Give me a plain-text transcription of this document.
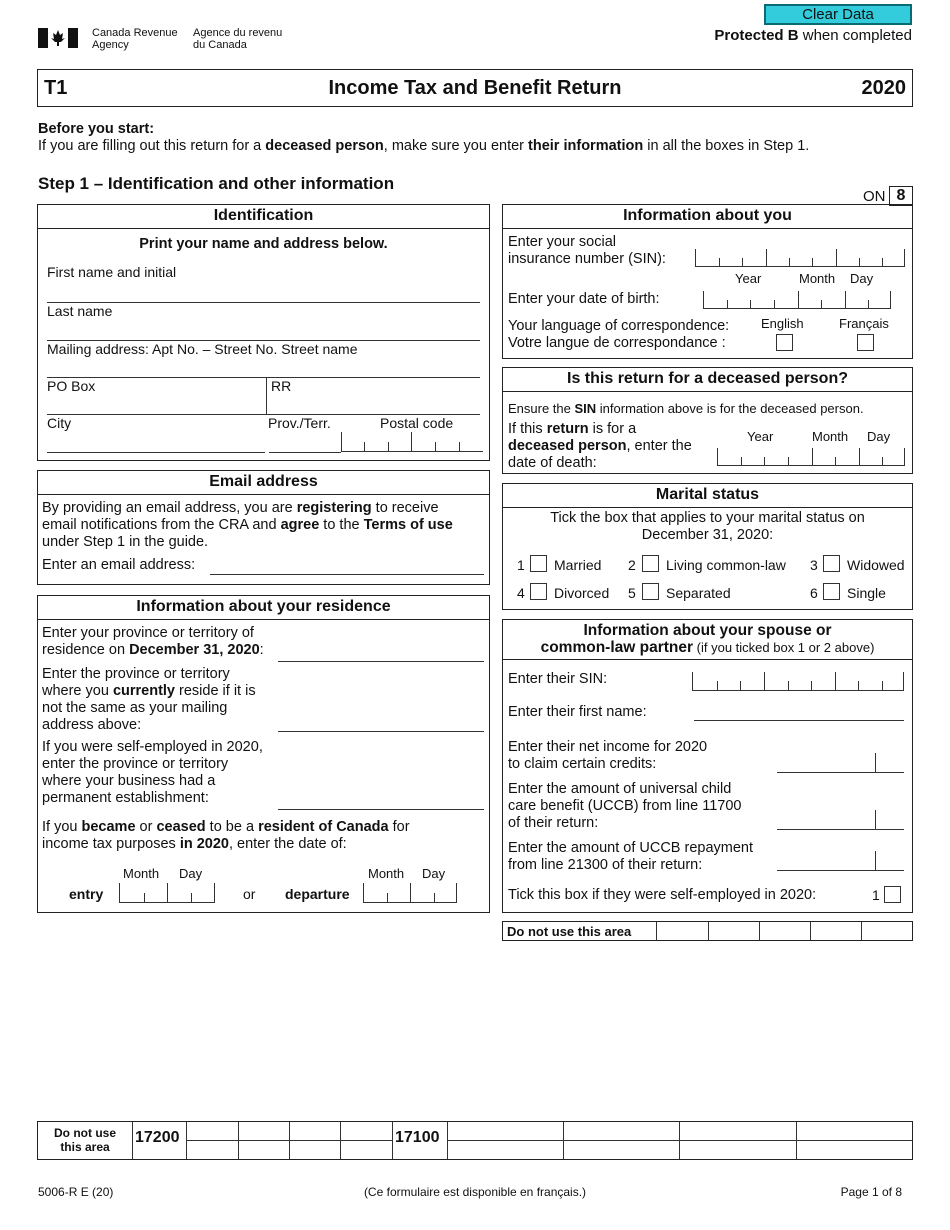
Canada Revenue
Agency
Agence du revenu
du Canada
Clear Data
Protected B when completed
T1	Income Tax and Benefit Return	2020
Before you start:
If you are filling out this return for a deceased person, make sure you enter their information in all the boxes in Step 1.
Step 1 – Identification and other information
ON 8
Identification
Print your name and address below.
First name and initial
Last name
Mailing address: Apt No. – Street No. Street name
PO Box	RR
City	Prov./Terr.	Postal code
Email address
By providing an email address, you are registering to receive
email notifications from the CRA and agree to the Terms of use
under Step 1 in the guide.
Enter an email address:
Information about your residence
Enter your province or territory of
residence on December 31, 2020:
Enter the province or territory
where you currently reside if it is
not the same as your mailing
address above:
If you were self-employed in 2020,
enter the province or territory
where your business had a
permanent establishment:
If you became or ceased to be a resident of Canada for
income tax purposes in 2020, enter the date of:
Month Day
entry	or
Month Day
departure
Information about you
Enter your social
insurance number (SIN):
Year	Month Day
Enter your date of birth:
English	Français
Your language of correspondence:
Votre langue de correspondance :
Is this return for a deceased person?
Ensure the SIN information above is for the deceased person.
If this return is for a
deceased person, enter the
date of death:
Year	Month Day
Marital status
Tick the box that applies to your marital status on
December 31, 2020:
1 Married 2 Living common-law 3 Widowed
4 Divorced 5 Separated	6 Single
Information about your spouse or
common-law partner (if you ticked box 1 or 2 above)
Enter their SIN:
Enter their first name:
Enter their net income for 2020
to claim certain credits:
Enter the amount of universal child
care benefit (UCCB) from line 11700
of their return:
Enter the amount of UCCB repayment
from line 21300 of their return:
Tick this box if they were self-employed in 2020:	1
Do not use this area
Do not use
this area
17200	17100
5006-R E (20)	(Ce formulaire est disponible en français.)	Page 1 of 8
